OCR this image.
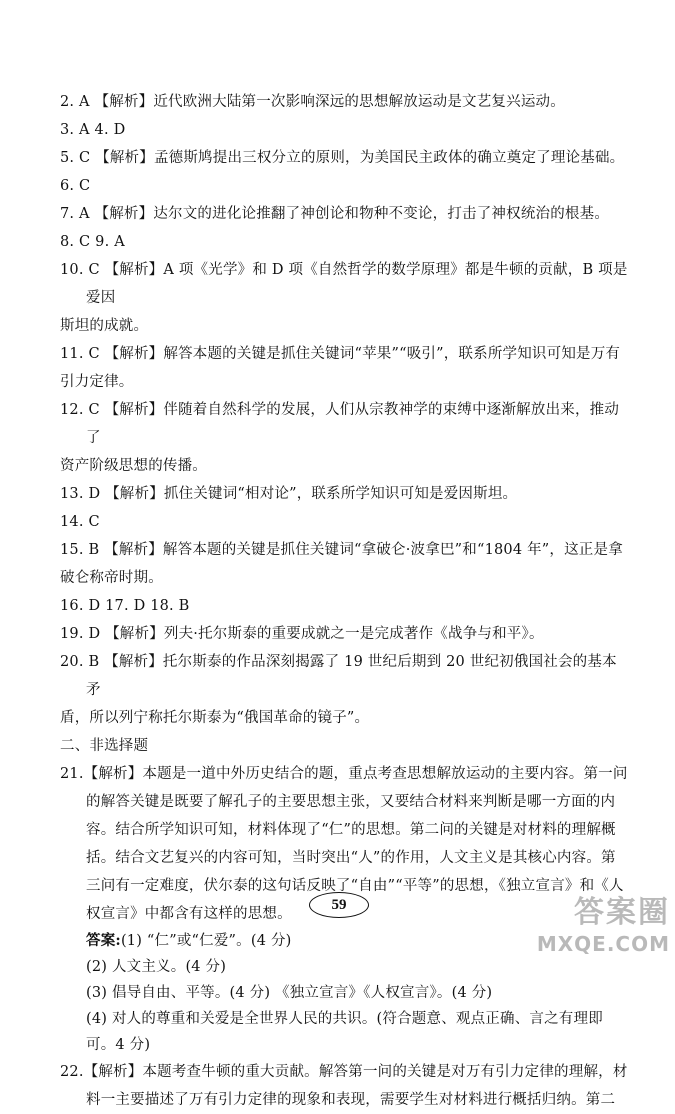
2. A 【解析】近代欧洲大陆第一次影响深远的思想解放运动是文艺复兴运动。
3. A 4. D
5. C 【解析】孟德斯鸠提出三权分立的原则，为美国民主政体的确立奠定了理论基础。
6. C
7. A 【解析】达尔文的进化论推翻了神创论和物种不变论，打击了神权统治的根基。
8. C 9. A
10. C 【解析】A 项《光学》和 D 项《自然哲学的数学原理》都是牛顿的贡献，B 项是爱因
斯坦的成就。
11. C 【解析】解答本题的关键是抓住关键词“苹果”“吸引”，联系所学知识可知是万有
引力定律。
12. C 【解析】伴随着自然科学的发展，人们从宗教神学的束缚中逐渐解放出来，推动了
资产阶级思想的传播。
13. D 【解析】抓住关键词“相对论”，联系所学知识可知是爱因斯坦。
14. C
15. B 【解析】解答本题的关键是抓住关键词“拿破仑·波拿巴”和“1804 年”，这正是拿
破仑称帝时期。
16. D 17. D 18. B
19. D 【解析】列夫·托尔斯泰的重要成就之一是完成著作《战争与和平》。
20. B 【解析】托尔斯泰的作品深刻揭露了 19 世纪后期到 20 世纪初俄国社会的基本矛
盾，所以列宁称托尔斯泰为“俄国革命的镜子”。
二、非选择题
21.【解析】本题是一道中外历史结合的题，重点考查思想解放运动的主要内容。第一问的解答关键是既要了解孔子的主要思想主张，又要结合材料来判断是哪一方面的内容。结合所学知识可知，材料体现了“仁”的思想。第二问的关键是对材料的理解概括。结合文艺复兴的内容可知，当时突出“人”的作用，人文主义是其核心内容。第三问有一定难度，伏尔泰的这句话反映了“自由”“平等”的思想，《独立宣言》和《人权宣言》中都含有这样的思想。
答案:(1) “仁”或“仁爱”。(4 分)
(2) 人文主义。(4 分)
(3) 倡导自由、平等。(4 分) 《独立宣言》《人权宣言》。(4 分)
(4) 对人的尊重和关爱是全世界人民的共识。(符合题意、观点正确、言之有理即可。4 分)
22.【解析】本题考查牛顿的重大贡献。解答第一问的关键是对万有引力定律的理解，材料一主要描述了万有引力定律的现象和表现，需要学生对材料进行概括归纳。第二
59	答案圈
MXQE.COM
